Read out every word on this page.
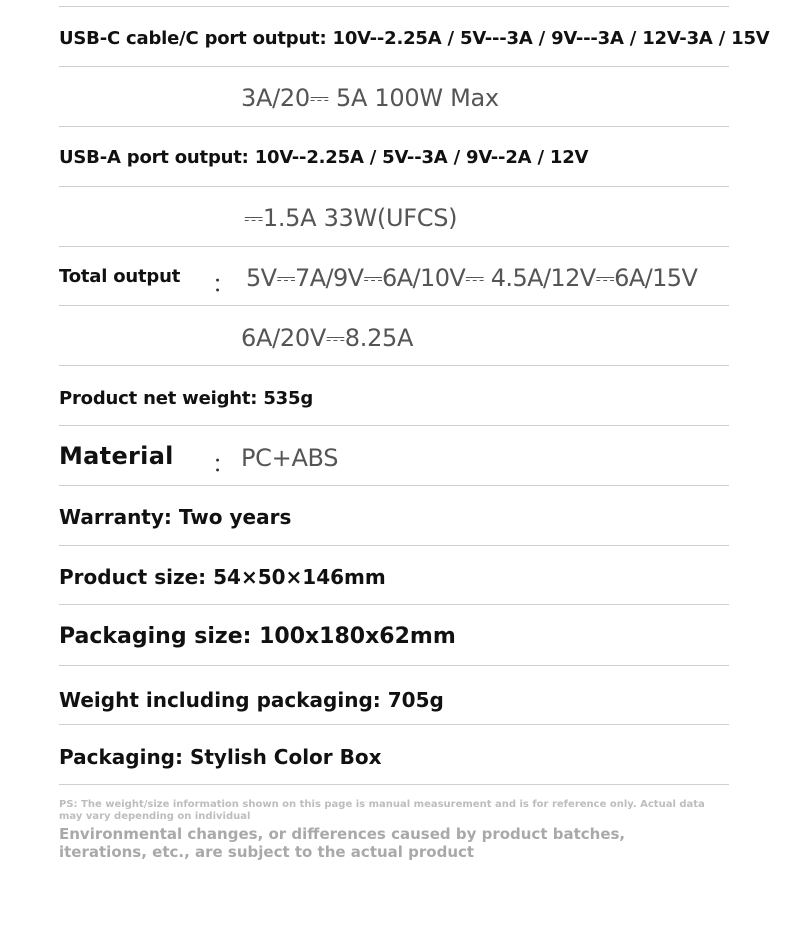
USB-C cable/C port output: 10V--2.25A / 5V---3A / 9V---3A / 12V-3A / 15V
3A/20⎓ 5A 100W Max
USB-A port output: 10V--2.25A / 5V--3A / 9V--2A / 12V
⎓1.5A 33W(UFCS)
Total output	： 5V⎓7A/9V⎓6A/10V⎓ 4.5A/12V⎓6A/15V
6A/20V⎓8.25A
Product net weight: 535g
Material	： PC+ABS
Warranty: Two years
Product size: 54×50×146mm
Packaging size: 100x180x62mm
Weight including packaging: 705g
Packaging: Stylish Color Box
PS: The weight/size information shown on this page is manual measurement and is for reference only. Actual data may vary depending on individual
Environmental changes, or differences caused by product batches, iterations, etc., are subject to the actual product
